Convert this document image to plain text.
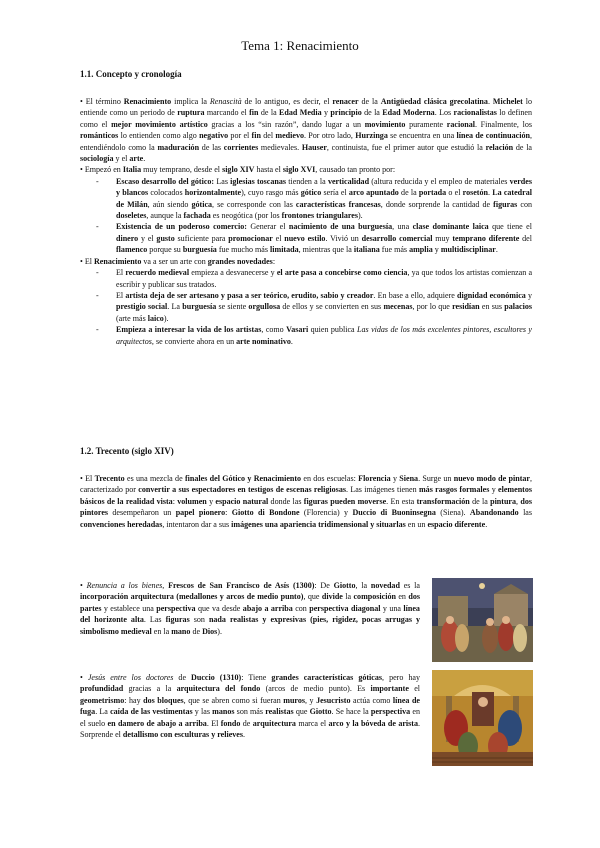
Tema 1: Renacimiento
1.1. Concepto y cronología

• El término Renacimiento implica la Renascità de lo antiguo, es decir, el renacer de la Antigüedad clásica grecolatina. Michelet lo entiende como un periodo de ruptura marcando el fin de la Edad Media y principio de la Edad Moderna. Los racionalistas lo definen como el mejor movimiento artístico gracias a los “sin razón”, dando lugar a un movimiento puramente racional. Finalmente, los románticos lo entienden como algo negativo por el fin del medievo. Por otro lado, Hurzinga se encuentra en una línea de continuación, entendiéndolo como la maduración de las corrientes medievales. Hauser, continuista, fue el primer autor que estudió la relación de la sociología y el arte.

• Empezó en Italia muy temprano, desde el siglo XIV hasta el siglo XVI, causado tan pronto por:

- Escaso desarrollo del gótico: Las iglesias toscanas tienden a la verticalidad (altura reducida y el empleo de materiales verdes y blancos colocados horizontalmente), cuyo rasgo más gótico sería el arco apuntado de la portada o el rosetón. La catedral de Milán, aún siendo gótica, se corresponde con las características francesas, donde sorprende la cantidad de figuras con doseletes, aunque la fachada es neogótica (por los frontones triangulares).
- Existencia de un poderoso comercio: Generar el nacimiento de una burguesía, una clase dominante laica que tiene el dinero y el gusto suficiente para promocionar el nuevo estilo. Vivió un desarrollo comercial muy temprano diferente del flamenco porque su burguesía fue mucho más limitada, mientras que la italiana fue más amplia y multidisciplinar.

• El Renacimiento va a ser un arte con grandes novedades:

- El recuerdo medieval empieza a desvanecerse y el arte pasa a concebirse como ciencia, ya que todos los artistas comienzan a escribir y publicar sus tratados.
- El artista deja de ser artesano y pasa a ser teórico, erudito, sabio y creador. En base a ello, adquiere dignidad económica y prestigio social. La burguesía se siente orgullosa de ellos y se convierten en sus mecenas, por lo que residían en sus palacios (arte más laico).
- Empieza a interesar la vida de los artistas, como Vasari quien publica Las vidas de los más excelentes pintores, escultores y arquitectos, se convierte ahora en un arte nominativo.
1.2. Trecento (siglo XIV)
• El Trecento es una mezcla de finales del Gótico y Renacimiento en dos escuelas: Florencia y Siena. Surge un nuevo modo de pintar, caracterizado por convertir a sus espectadores en testigos de escenas religiosas. Las imágenes tienen más rasgos formales y elementos básicos de la realidad vista: volumen y espacio natural donde las figuras pueden moverse. En esta transformación de la pintura, dos pintores desempeñaron un papel pionero: Giotto di Bondone (Florencia) y Duccio di Buoninsegna (Siena). Abandonando las convenciones heredadas, intentaron dar a sus imágenes una apariencia tridimensional y situarlas en un espacio diferente.
• Renuncia a los bienes, Frescos de San Francisco de Asís (1300): De Giotto, la novedad es la incorporación arquitectura (medallones y arcos de medio punto), que divide la composición en dos partes y establece una perspectiva que va desde abajo a arriba con perspectiva diagonal y una línea del horizonte alta. Las figuras son nada realistas y expresivas (pies, rigidez, pocas arrugas y simbolismo medieval en la mano de Dios).
• Jesús entre los doctores de Duccio (1310): Tiene grandes características góticas, pero hay profundidad gracias a la arquitectura del fondo (arcos de medio punto). Es importante el geometrismo: hay dos bloques, que se abren como si fueran muros, y Jesucristo actúa como línea de fuga. La caída de las vestimentas y las manos son más realistas que Giotto. Se hace la perspectiva en el suelo en damero de abajo a arriba. El fondo de arquitectura marca el arco y la bóveda de arista. Sorprende el detallismo con esculturas y relieves.
